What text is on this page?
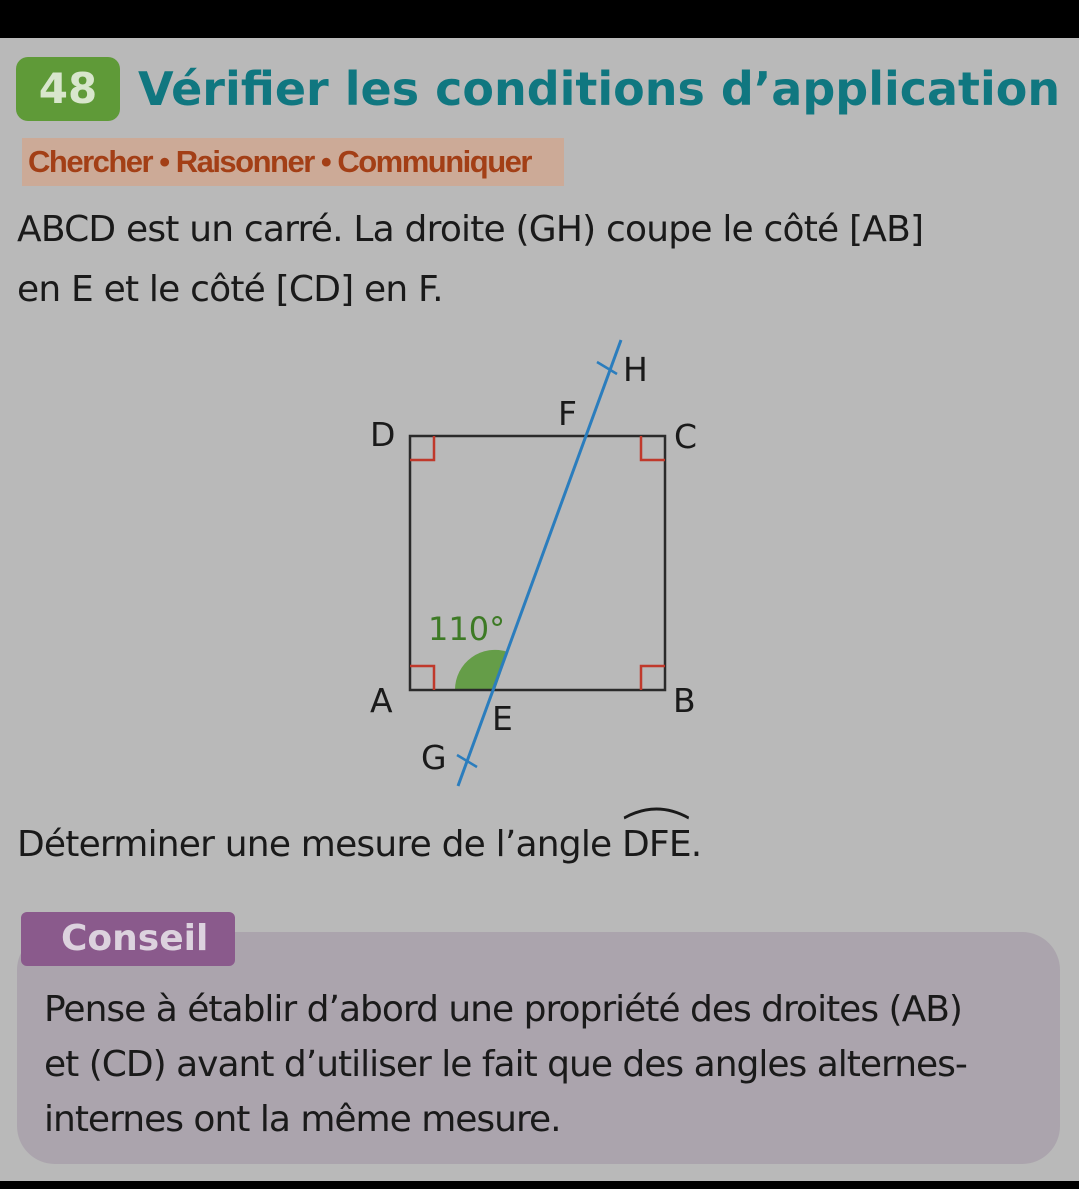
48 Vérifier les conditions d’application
Chercher • Raisonner • Communiquer
ABCD est un carré. La droite (GH) coupe le côté [AB]
en E et le côté [CD] en F.
H
F
D	C
A	B
E
G
110°
Déterminer une mesure de l’angle
DFE.
Conseil
Pense à établir d’abord une propriété des droites (AB)
et (CD) avant d’utiliser le fait que des angles alternes-
internes ont la même mesure.
